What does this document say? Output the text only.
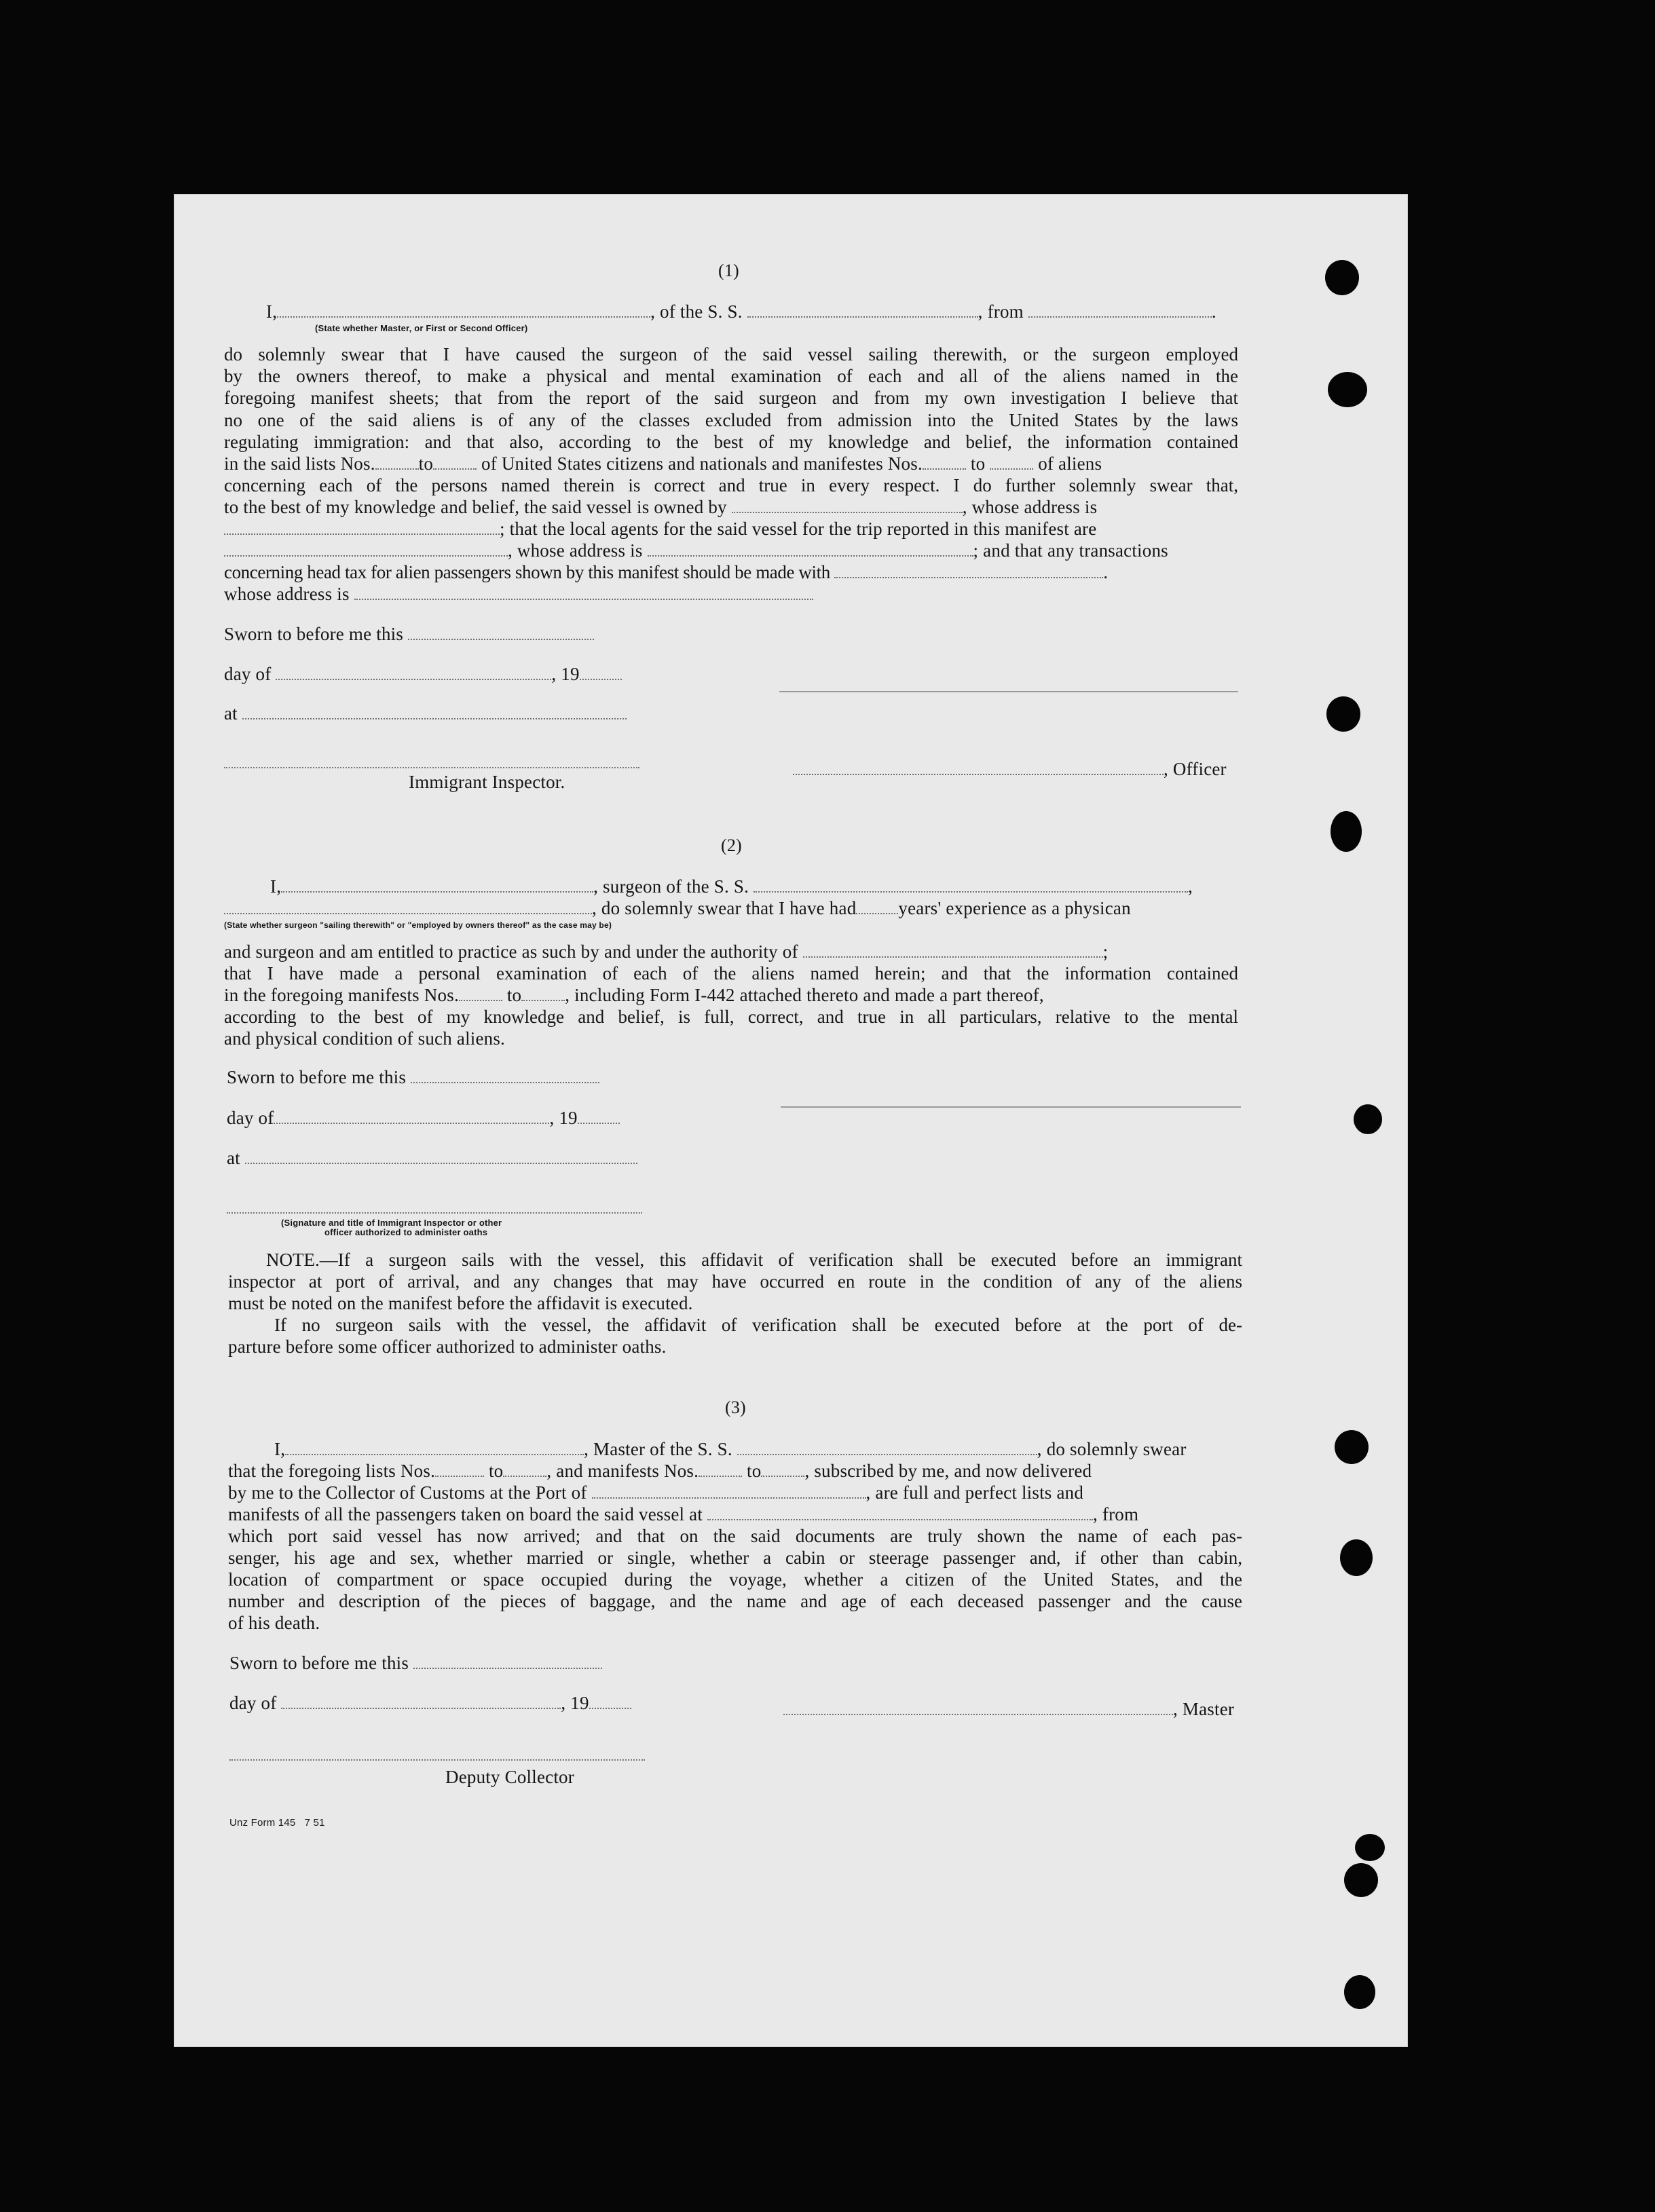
(1)
I,	, of the S. S.	, from	.
(State whether Master, or First or Second Officer)
do solemnly swear that I have caused the surgeon of the said vessel sailing therewith, or the surgeon employed
by the owners thereof, to make a physical and mental examination of each and all of the aliens named in the
foregoing manifest sheets; that from the report of the said surgeon and from my own investigation I believe that
no one of the said aliens is of any of the classes excluded from admission into the United States by the laws
regulating immigration: and that also, according to the best of my knowledge and belief, the information contained
in the said lists Nos. to	of United States citizens and nationals and manifestes Nos.	to	of aliens
concerning each of the persons named therein is correct and true in every respect. I do further solemnly swear that,
to the best of my knowledge and belief, the said vessel is owned by	, whose address is
; that the local agents for the said vessel for the trip reported in this manifest are
, whose address is	; and that any transactions
concerning head tax for alien passengers shown by this manifest should be made with	.
whose address is
Sworn to before me this
day of	, 19
at
, Officer
Immigrant Inspector.
(2)
I,	, surgeon of the S. S.	,
, do solemnly swear that I have had years' experience as a physican
(State whether surgeon "sailing therewith" or "employed by owners thereof" as the case may be)
and surgeon and am entitled to practice as such by and under the authority of	;
that I have made a personal examination of each of the aliens named herein; and that the information contained
in the foregoing manifests Nos.	to , including Form I-442 attached thereto and made a part thereof,
according to the best of my knowledge and belief, is full, correct, and true in all particulars, relative to the mental
and physical condition of such aliens.
Sworn to before me this
day of	, 19
at
(Signature and title of Immigrant Inspector or other
officer authorized to administer oaths
NOTE.—If a surgeon sails with the vessel, this affidavit of verification shall be executed before an immigrant
inspector at port of arrival, and any changes that may have occurred en route in the condition of any of the aliens
must be noted on the manifest before the affidavit is executed.
If no surgeon sails with the vessel, the affidavit of verification shall be executed before at the port of de-
parture before some officer authorized to administer oaths.
(3)
I,	, Master of the S. S.	, do solemnly swear
that the foregoing lists Nos.	to , and manifests Nos.	to , subscribed by me, and now delivered
by me to the Collector of Customs at the Port of	, are full and perfect lists and
manifests of all the passengers taken on board the said vessel at	, from
which port said vessel has now arrived; and that on the said documents are truly shown the name of each pas-
senger, his age and sex, whether married or single, whether a cabin or steerage passenger and, if other than cabin,
location of compartment or space occupied during the voyage, whether a citizen of the United States, and the
number and description of the pieces of baggage, and the name and age of each deceased passenger and the cause
of his death.
Sworn to before me this
day of	, 19	, Master
Deputy Collector
Unz Form 145   7 51
